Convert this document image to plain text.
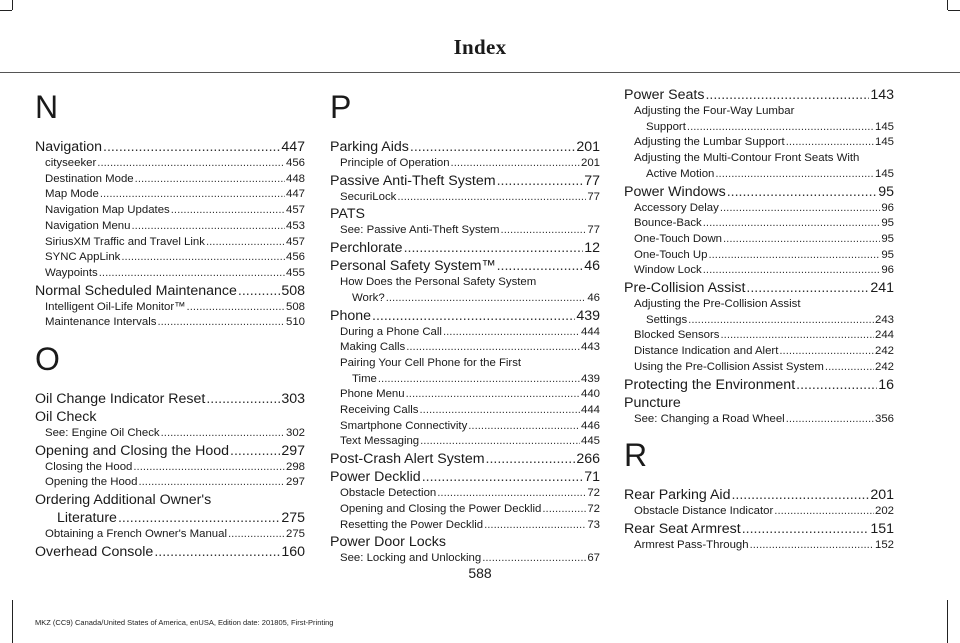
Index
N
Navigation .....	447
cityseeker .....	456
Destination Mode .....	448
Map Mode .....	447
Navigation Map Updates .....	457
Navigation Menu .....	453
SiriusXM Traffic and Travel Link .....	457
SYNC AppLink .....	456
Waypoints .....	455
Normal Scheduled Maintenance .....	508
Intelligent Oil-Life Monitor™ .....	508
Maintenance Intervals .....	510
O
Oil Change Indicator Reset .....	303
Oil Check
See: Engine Oil Check .....	302
Opening and Closing the Hood .....	297
Closing the Hood .....	298
Opening the Hood .....	297
Ordering Additional Owner's
Literature .....	275
Obtaining a French Owner's Manual .....	275
Overhead Console .....	160
P
Parking Aids .....	201
Principle of Operation .....	201
Passive Anti-Theft System .....	77
SecuriLock .....	77
PATS
See: Passive Anti-Theft System .....	77
Perchlorate .....	12
Personal Safety System™ .....	46
How Does the Personal Safety System
Work? .....	46
Phone .....	439
During a Phone Call .....	444
Making Calls .....	443
Pairing Your Cell Phone for the First
Time .....	439
Phone Menu .....	440
Receiving Calls .....	444
Smartphone Connectivity .....	446
Text Messaging .....	445
Post-Crash Alert System .....	266
Power Decklid .....	71
Obstacle Detection .....	72
Opening and Closing the Power Decklid .....	72
Resetting the Power Decklid .....	73
Power Door Locks
See: Locking and Unlocking .....	67
Power Seats .....	143
Adjusting the Four-Way Lumbar
Support .....	145
Adjusting the Lumbar Support .....	145
Adjusting the Multi-Contour Front Seats With
Active Motion .....	145
Power Windows .....	95
Accessory Delay .....	96
Bounce-Back .....	95
One-Touch Down .....	95
One-Touch Up .....	95
Window Lock .....	96
Pre-Collision Assist .....	241
Adjusting the Pre-Collision Assist
Settings .....	243
Blocked Sensors .....	244
Distance Indication and Alert .....	242
Using the Pre-Collision Assist System .....	242
Protecting the Environment .....	16
Puncture
See: Changing a Road Wheel .....	356
R
Rear Parking Aid .....	201
Obstacle Distance Indicator .....	202
Rear Seat Armrest .....	151
Armrest Pass-Through .....	152
588
MKZ (CC9) Canada/United States of America, enUSA, Edition date: 201805, First-Printing
